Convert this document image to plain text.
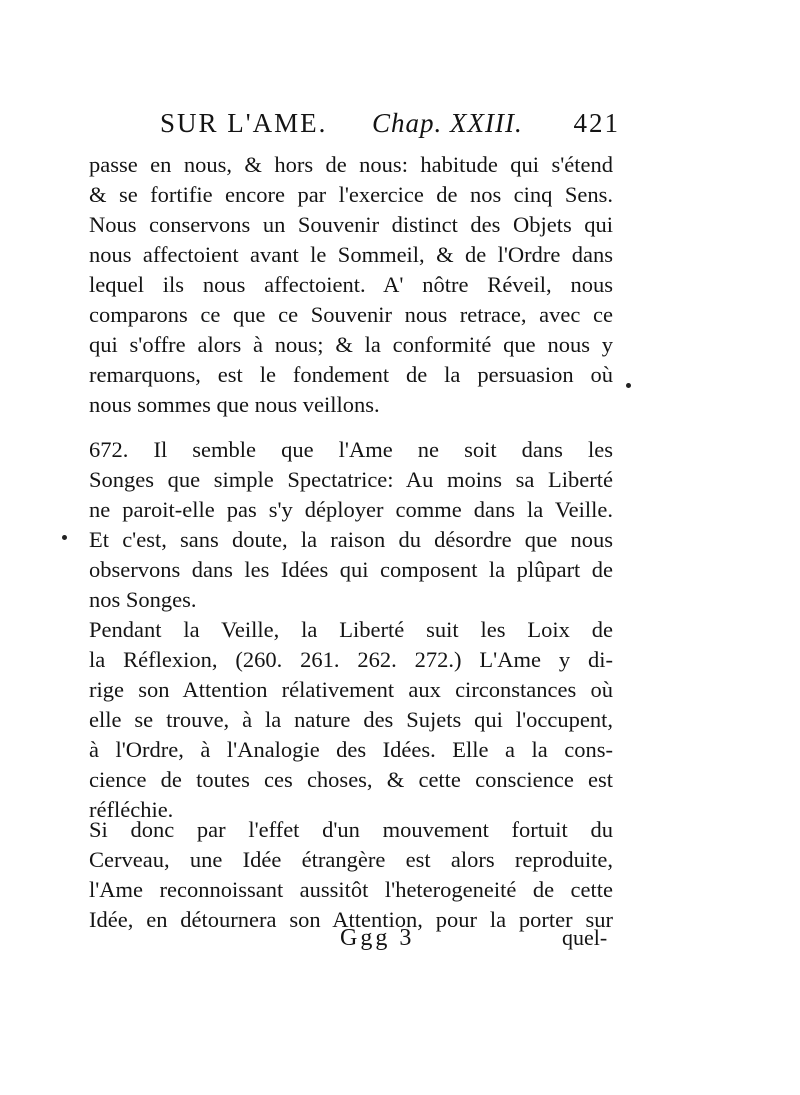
SUR L'AME. Chap. XXIII. 421
passe en nous, & hors de nous: habitude qui s'étend
& se fortifie encore par l'exercice de nos cinq Sens.
Nous conservons un Souvenir distinct des Objets qui
nous affectoient avant le Sommeil, & de l'Ordre dans
lequel ils nous affectoient. A' nôtre Réveil, nous
comparons ce que ce Souvenir nous retrace, avec ce
qui s'offre alors à nous; & la conformité que nous y
remarquons, est le fondement de la persuasion où
nous sommes que nous veillons.
672. Il semble que l'Ame ne soit dans les
Songes que simple Spectatrice: Au moins sa Liberté
ne paroit-elle pas s'y déployer comme dans la Veille.
Et c'est, sans doute, la raison du désordre que nous
observons dans les Idées qui composent la plûpart de
nos Songes.
Pendant la Veille, la Liberté suit les Loix de
la Réflexion, (260. 261. 262. 272.) L'Ame y di-
rige son Attention rélativement aux circonstances où
elle se trouve, à la nature des Sujets qui l'occupent,
à l'Ordre, à l'Analogie des Idées. Elle a la cons-
cience de toutes ces choses, & cette conscience est
réfléchie.
Si donc par l'effet d'un mouvement fortuit du
Cerveau, une Idée étrangère est alors reproduite,
l'Ame reconnoissant aussitôt l'heterogeneité de cette
Idée, en détournera son Attention, pour la porter sur
Ggg 3	quel-
